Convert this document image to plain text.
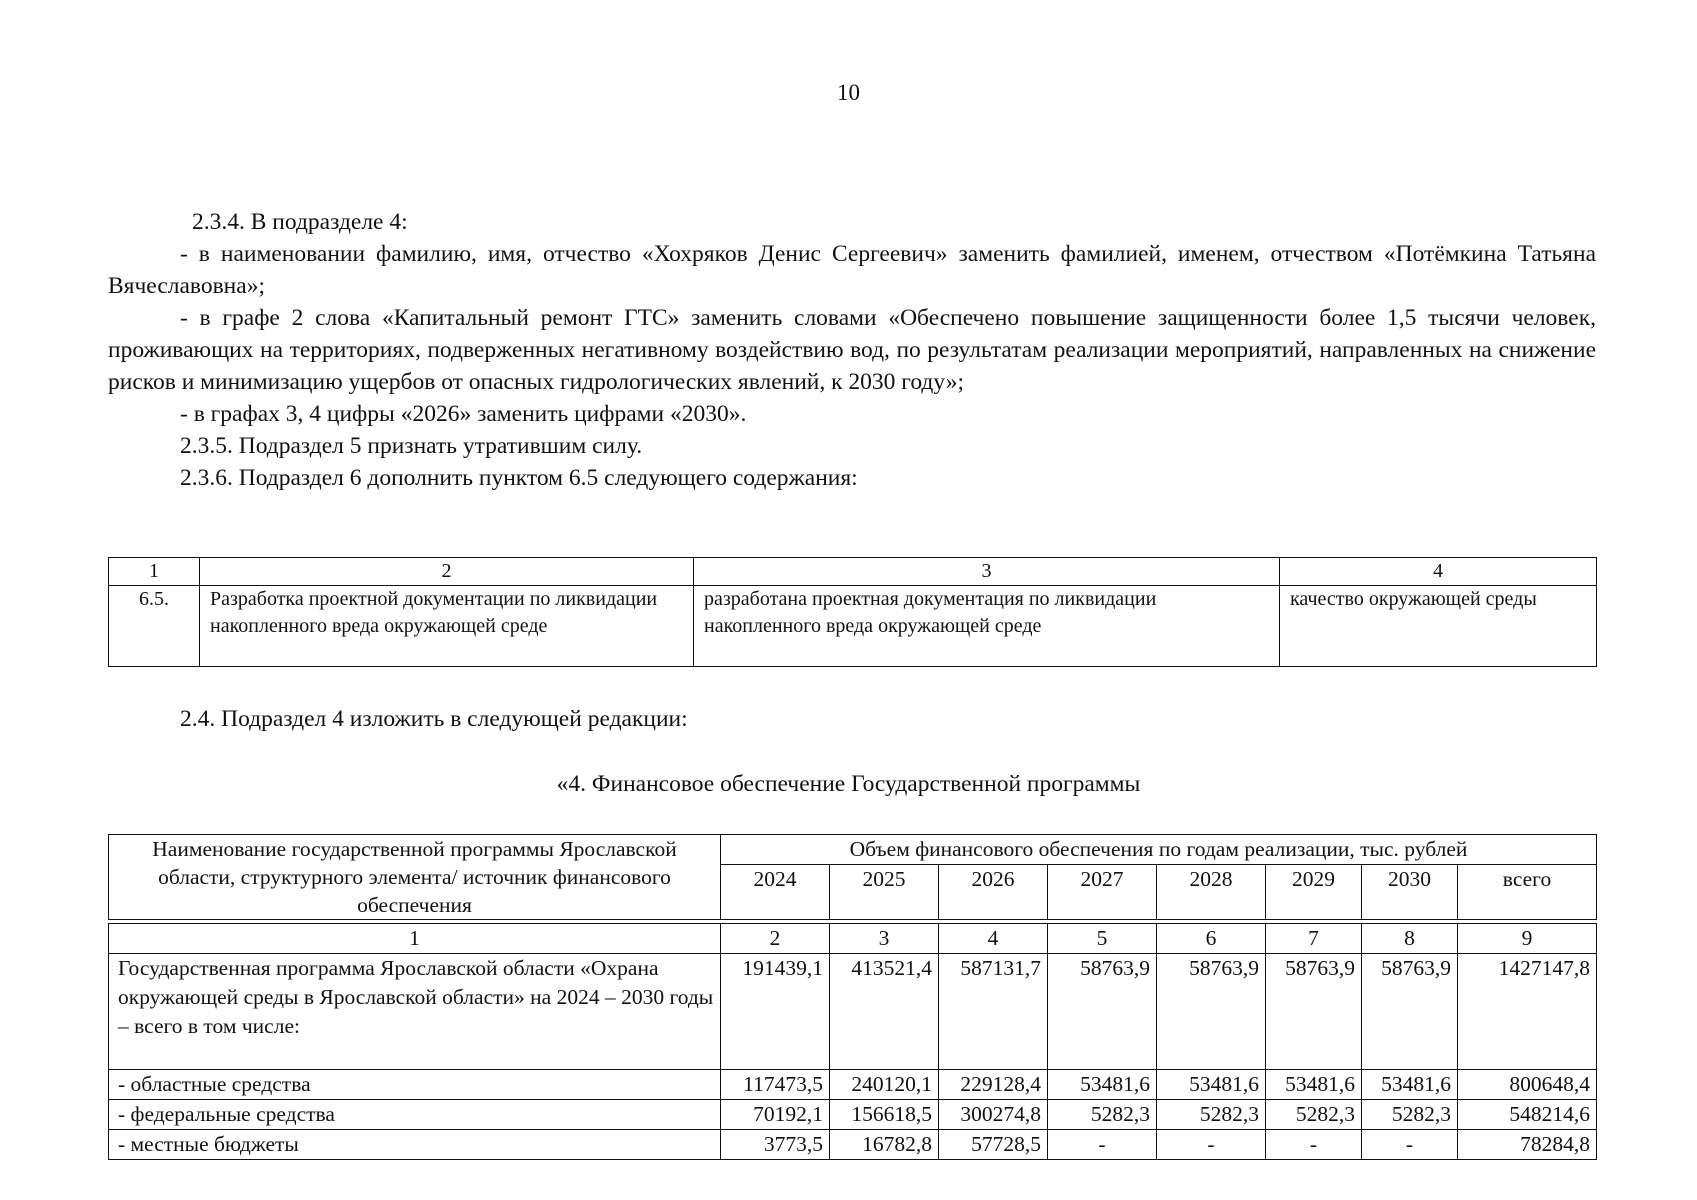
10

2.3.4. В подразделе 4:

- в наименовании фамилию, имя, отчество «Хохряков Денис Сергеевич» заменить фамилией, именем, отчеством «Потёмкина Татьяна Вячеславовна»;

- в графе 2 слова «Капитальный ремонт ГТС» заменить словами «Обеспечено повышение защищенности более 1,5 тысячи человек, проживающих на территориях, подверженных негативному воздействию вод, по результатам реализации мероприятий, направленных на снижение рисков и минимизацию ущербов от опасных гидрологических явлений, к 2030 году»;

- в графах 3, 4 цифры «2026» заменить цифрами «2030».

2.3.5. Подраздел 5 признать утратившим силу.

2.3.6. Подраздел 6 дополнить пунктом 6.5 следующего содержания:

1	2	3	4
6.5.	Разработка проектной документации по ликвидации накопленного вреда окружающей среде	разработана проектная документация по ликвидации накопленного вреда окружающей среде	качество окружающей среды
2.4. Подраздел 4 изложить в следующей редакции:
«4. Финансовое обеспечение Государственной программы
Наименование государственной программы Ярославской области, структурного элемента/ источник финансового обеспечения	Объем финансового обеспечения по годам реализации, тыс. рублей							
	2024	2025	2026	2027	2028	2029	2030	всего

1	2	3	4	5	6	7	8	9
Государственная программа Ярославской области «Охрана окружающей среды в Ярославской области» на 2024 – 2030 годы – всего в том числе:	191439,1	413521,4	587131,7	58763,9	58763,9	58763,9	58763,9	1427147,8
- областные средства	117473,5	240120,1	229128,4	53481,6	53481,6	53481,6	53481,6	800648,4
- федеральные средства	70192,1	156618,5	300274,8	5282,3	5282,3	5282,3	5282,3	548214,6
- местные бюджеты	3773,5	16782,8	57728,5	-	-	-	-	78284,8
